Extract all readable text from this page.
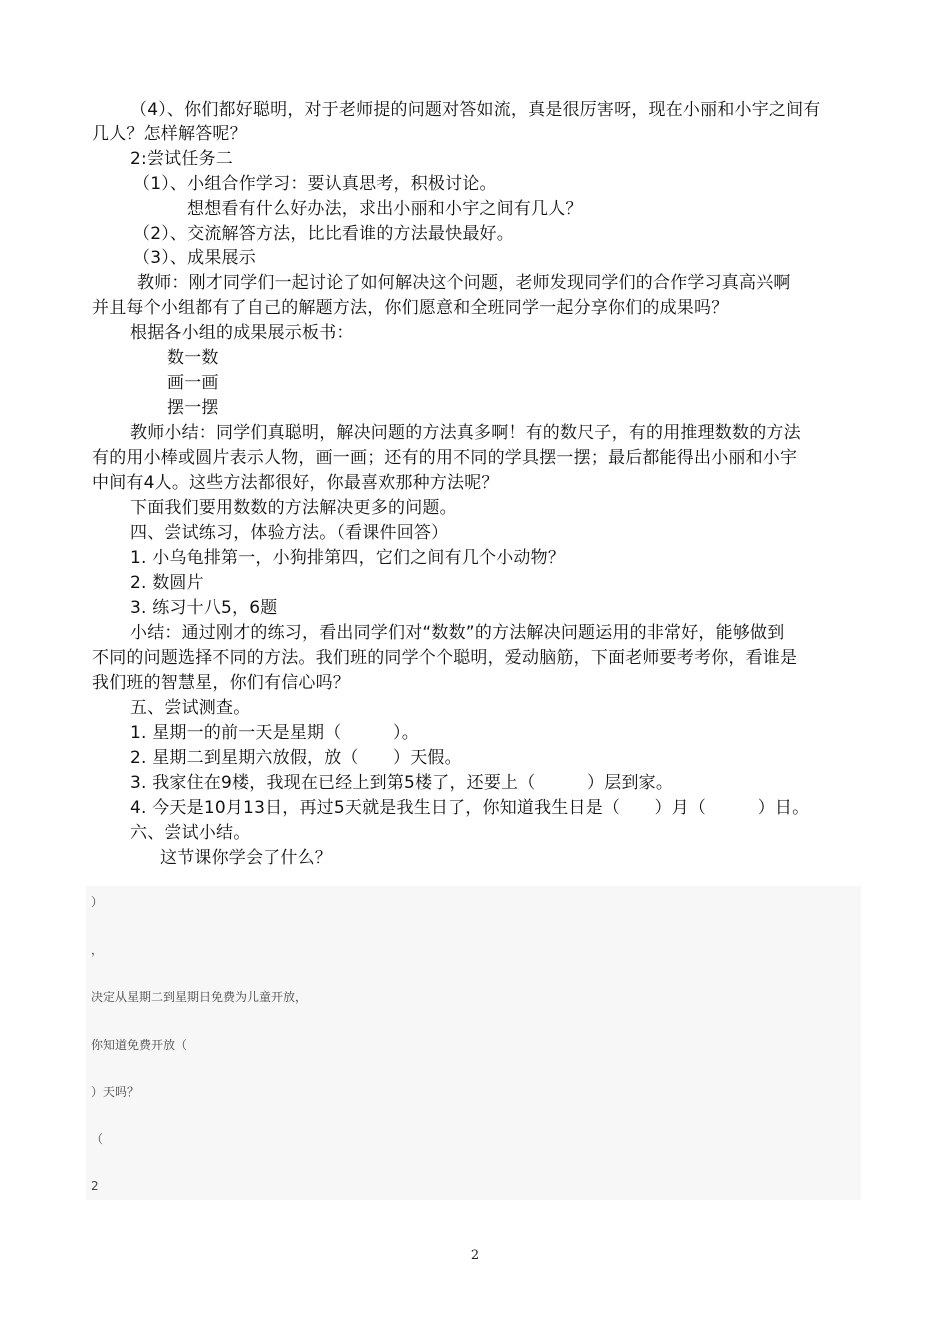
（4）、你们都好聪明，对于老师提的问题对答如流，真是很厉害呀，现在小丽和小宇之间有
几人？怎样解答呢？
2:尝试任务二
（1）、小组合作学习：要认真思考，积极讨论。
想想看有什么好办法，求出小丽和小宇之间有几人？
（2）、交流解答方法，比比看谁的方法最快最好。
（3）、成果展示
教师：刚才同学们一起讨论了如何解决这个问题，老师发现同学们的合作学习真高兴啊
并且每个小组都有了自己的解题方法，你们愿意和全班同学一起分享你们的成果吗？
根据各小组的成果展示板书：
数一数
画一画
摆一摆
教师小结：同学们真聪明，解决问题的方法真多啊！有的数尺子，有的用推理数数的方法
有的用小棒或圆片表示人物，画一画；还有的用不同的学具摆一摆；最后都能得出小丽和小宇
中间有4人。这些方法都很好，你最喜欢那种方法呢？
下面我们要用数数的方法解决更多的问题。
四、尝试练习，体验方法。（看课件回答）
1. 小乌龟排第一，小狗排第四，它们之间有几个小动物？
2. 数圆片
3. 练习十八5，6题
小结：通过刚才的练习，看出同学们对“数数”的方法解决问题运用的非常好，能够做到
不同的问题选择不同的方法。我们班的同学个个聪明，爱动脑筋，下面老师要考考你，看谁是
我们班的智慧星，你们有信心吗？
五、尝试测查。
1. 星期一的前一天是星期（　　　）。
2. 星期二到星期六放假，放（　　）天假。
3. 我家住在9楼，我现在已经上到第5楼了，还要上（　　　）层到家。
4. 今天是10月13日，再过5天就是我生日了，你知道我生日是（　　）月（　　　）日。
六、尝试小结。
这节课你学会了什么？
）
，
决定从星期二到星期日免费为儿童开放，
你知道免费开放（
）天吗？
（
2
2
